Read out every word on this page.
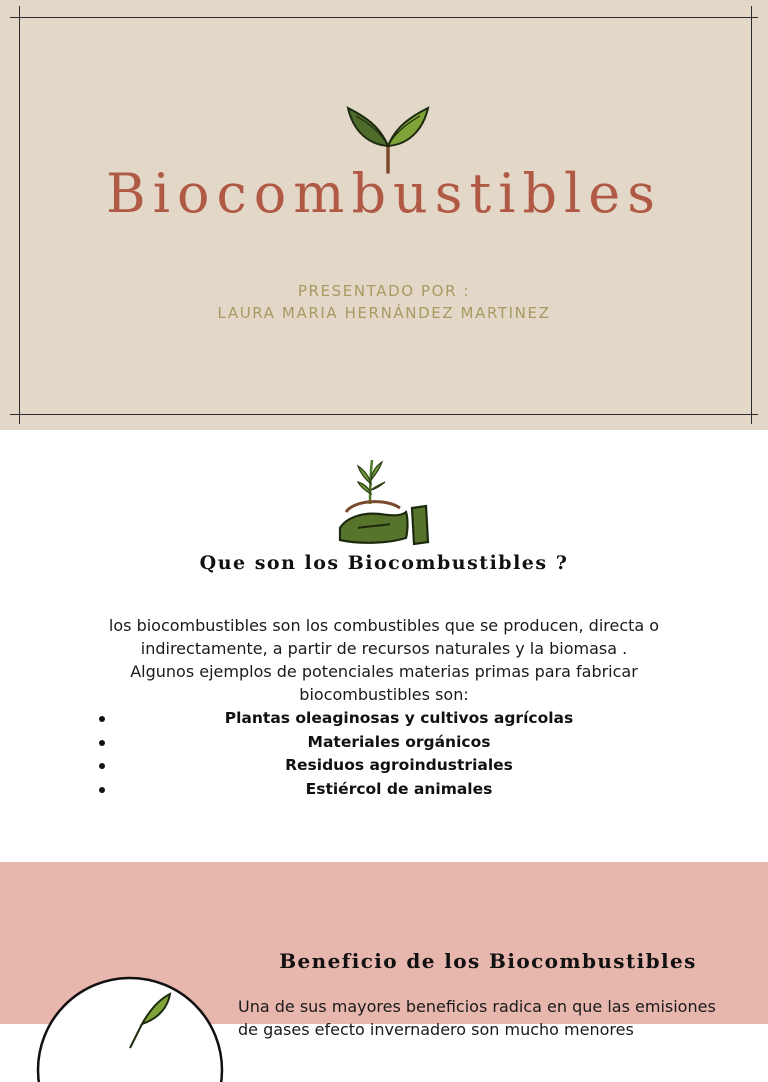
Biocombustibles
PRESENTADO POR :
LAURA MARIA HERNÁNDEZ MARTINEZ
Que son los Biocombustibles ?
los biocombustibles son los combustibles que se producen, directa o
indirectamente, a partir de recursos naturales y la biomasa .
Algunos ejemplos de potenciales materias primas para fabricar
biocombustibles son:
Plantas oleaginosas y cultivos agrícolas
Materiales orgánicos
Residuos agroindustriales
Estiércol de animales
Beneficio de los Biocombustibles
Una de sus mayores beneficios radica en que las emisiones
de gases efecto invernadero son mucho menores
